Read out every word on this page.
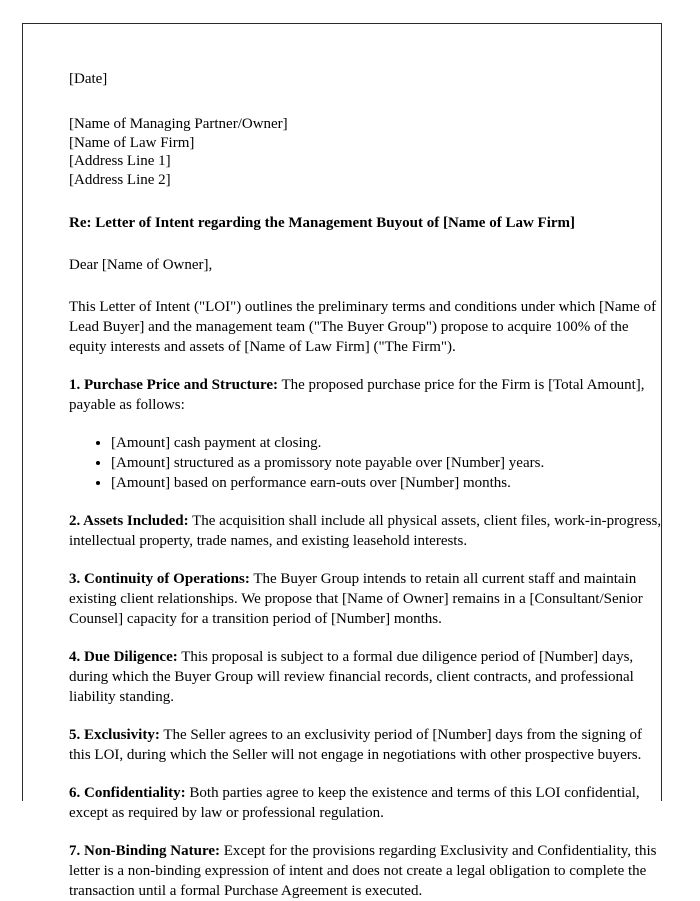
[Date]
[Name of Managing Partner/Owner]
[Name of Law Firm]
[Address Line 1]
[Address Line 2]
Re: Letter of Intent regarding the Management Buyout of [Name of Law Firm]
Dear [Name of Owner],

This Letter of Intent ("LOI") outlines the preliminary terms and conditions under which [Name of Lead Buyer] and the management team ("The Buyer Group") propose to acquire 100% of the equity interests and assets of [Name of Law Firm] ("The Firm").

1. Purchase Price and Structure: The proposed purchase price for the Firm is [Total Amount], payable as follows:

• [Amount] cash payment at closing.
• [Amount] structured as a promissory note payable over [Number] years.
• [Amount] based on performance earn-outs over [Number] months.

2. Assets Included: The acquisition shall include all physical assets, client files, work-in-progress, intellectual property, trade names, and existing leasehold interests.

3. Continuity of Operations: The Buyer Group intends to retain all current staff and maintain existing client relationships. We propose that [Name of Owner] remains in a [Consultant/Senior Counsel] capacity for a transition period of [Number] months.

4. Due Diligence: This proposal is subject to a formal due diligence period of [Number] days, during which the Buyer Group will review financial records, client contracts, and professional liability standing.

5. Exclusivity: The Seller agrees to an exclusivity period of [Number] days from the signing of this LOI, during which the Seller will not engage in negotiations with other prospective buyers.

6. Confidentiality: Both parties agree to keep the existence and terms of this LOI confidential, except as required by law or professional regulation.

7. Non-Binding Nature: Except for the provisions regarding Exclusivity and Confidentiality, this letter is a non-binding expression of intent and does not create a legal obligation to complete the transaction until a formal Purchase Agreement is executed.
